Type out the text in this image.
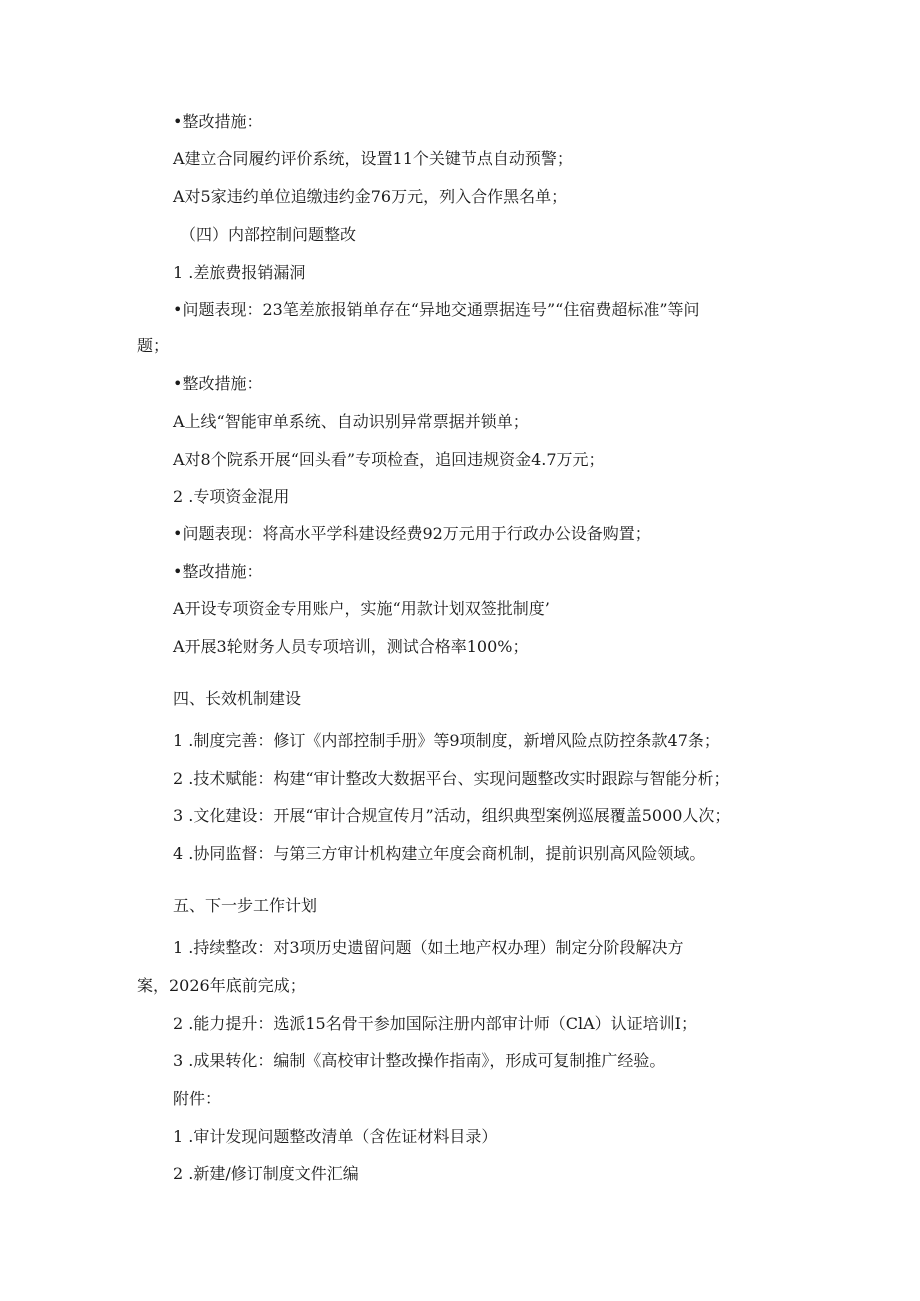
•整改措施：
A建立合同履约评价系统，设置11个关键节点自动预警；
A对5家违约单位追缴违约金76万元，列入合作黑名单；
（四）内部控制问题整改
1 .差旅费报销漏洞
•问题表现：23笔差旅报销单存在“异地交通票据连号”“住宿费超标准”等问
题；
•整改措施：
A上线“智能审单系统、自动识别异常票据并锁单；
A对8个院系开展“回头看”专项检查，追回违规资金4.7万元；
2 .专项资金混用
•问题表现：将高水平学科建设经费92万元用于行政办公设备购置；
•整改措施：
A开设专项资金专用账户，实施“用款计划双签批制度’
A开展3轮财务人员专项培训，测试合格率100%；
四、长效机制建设
1 .制度完善：修订《内部控制手册》等9项制度，新增风险点防控条款47条；
2 .技术赋能：构建“审计整改大数据平台、实现问题整改实时跟踪与智能分析；
3 .文化建设：开展“审计合规宣传月”活动，组织典型案例巡展覆盖5000人次；
4 .协同监督：与第三方审计机构建立年度会商机制，提前识别高风险领域。
五、下一步工作计划
1 .持续整改：对3项历史遗留问题（如土地产权办理）制定分阶段解决方
案，2026年底前完成；
2 .能力提升：选派15名骨干参加国际注册内部审计师（ClA）认证培训I；
3 .成果转化：编制《高校审计整改操作指南》，形成可复制推广经验。
附件：
1 .审计发现问题整改清单（含佐证材料目录）
2 .新建/修订制度文件汇编
